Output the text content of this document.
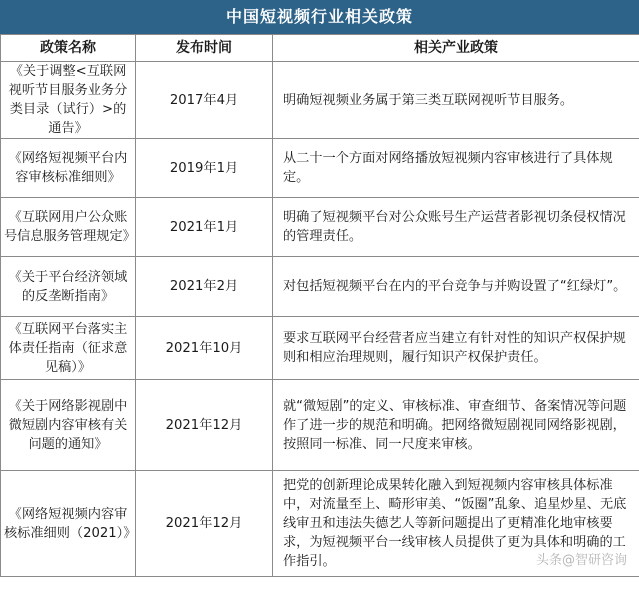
中国短视频行业相关政策
政策名称	发布时间	相关产业政策
《关于调整<互联网视听节目服务业务分类目录（试行）>的通告》	2017年4月	明确短视频业务属于第三类互联网视听节目服务。
《网络短视频平台内容审核标准细则》	2019年1月	从二十一个方面对网络播放短视频内容审核进行了具体规定。
《互联网用户公众账号信息服务管理规定》	2021年1月	明确了短视频平台对公众账号生产运营者影视切条侵权情况的管理责任。
《关于平台经济领域的反垄断指南》	2021年2月	对包括短视频平台在内的平台竞争与并购设置了“红绿灯”。
《互联网平台落实主体责任指南（征求意见稿）》	2021年10月	要求互联网平台经营者应当建立有针对性的知识产权保护规则和相应治理规则，履行知识产权保护责任。
《关于网络影视剧中微短剧内容审核有关问题的通知》	2021年12月	就“微短剧”的定义、审核标准、审查细节、备案情况等问题作了进一步的规范和明确。把网络微短剧视同网络影视剧，按照同一标准、同一尺度来审核。
《网络短视频内容审核标准细则（2021）》	2021年12月	把党的创新理论成果转化融入到短视频内容审核具体标准中，对流量至上、畸形审美、“饭圈”乱象、追星炒星、无底线审丑和违法失德艺人等新问题提出了更精准化地审核要求，为短视频平台一线审核人员提供了更为具体和明确的工作指引。	头条@智研咨询
